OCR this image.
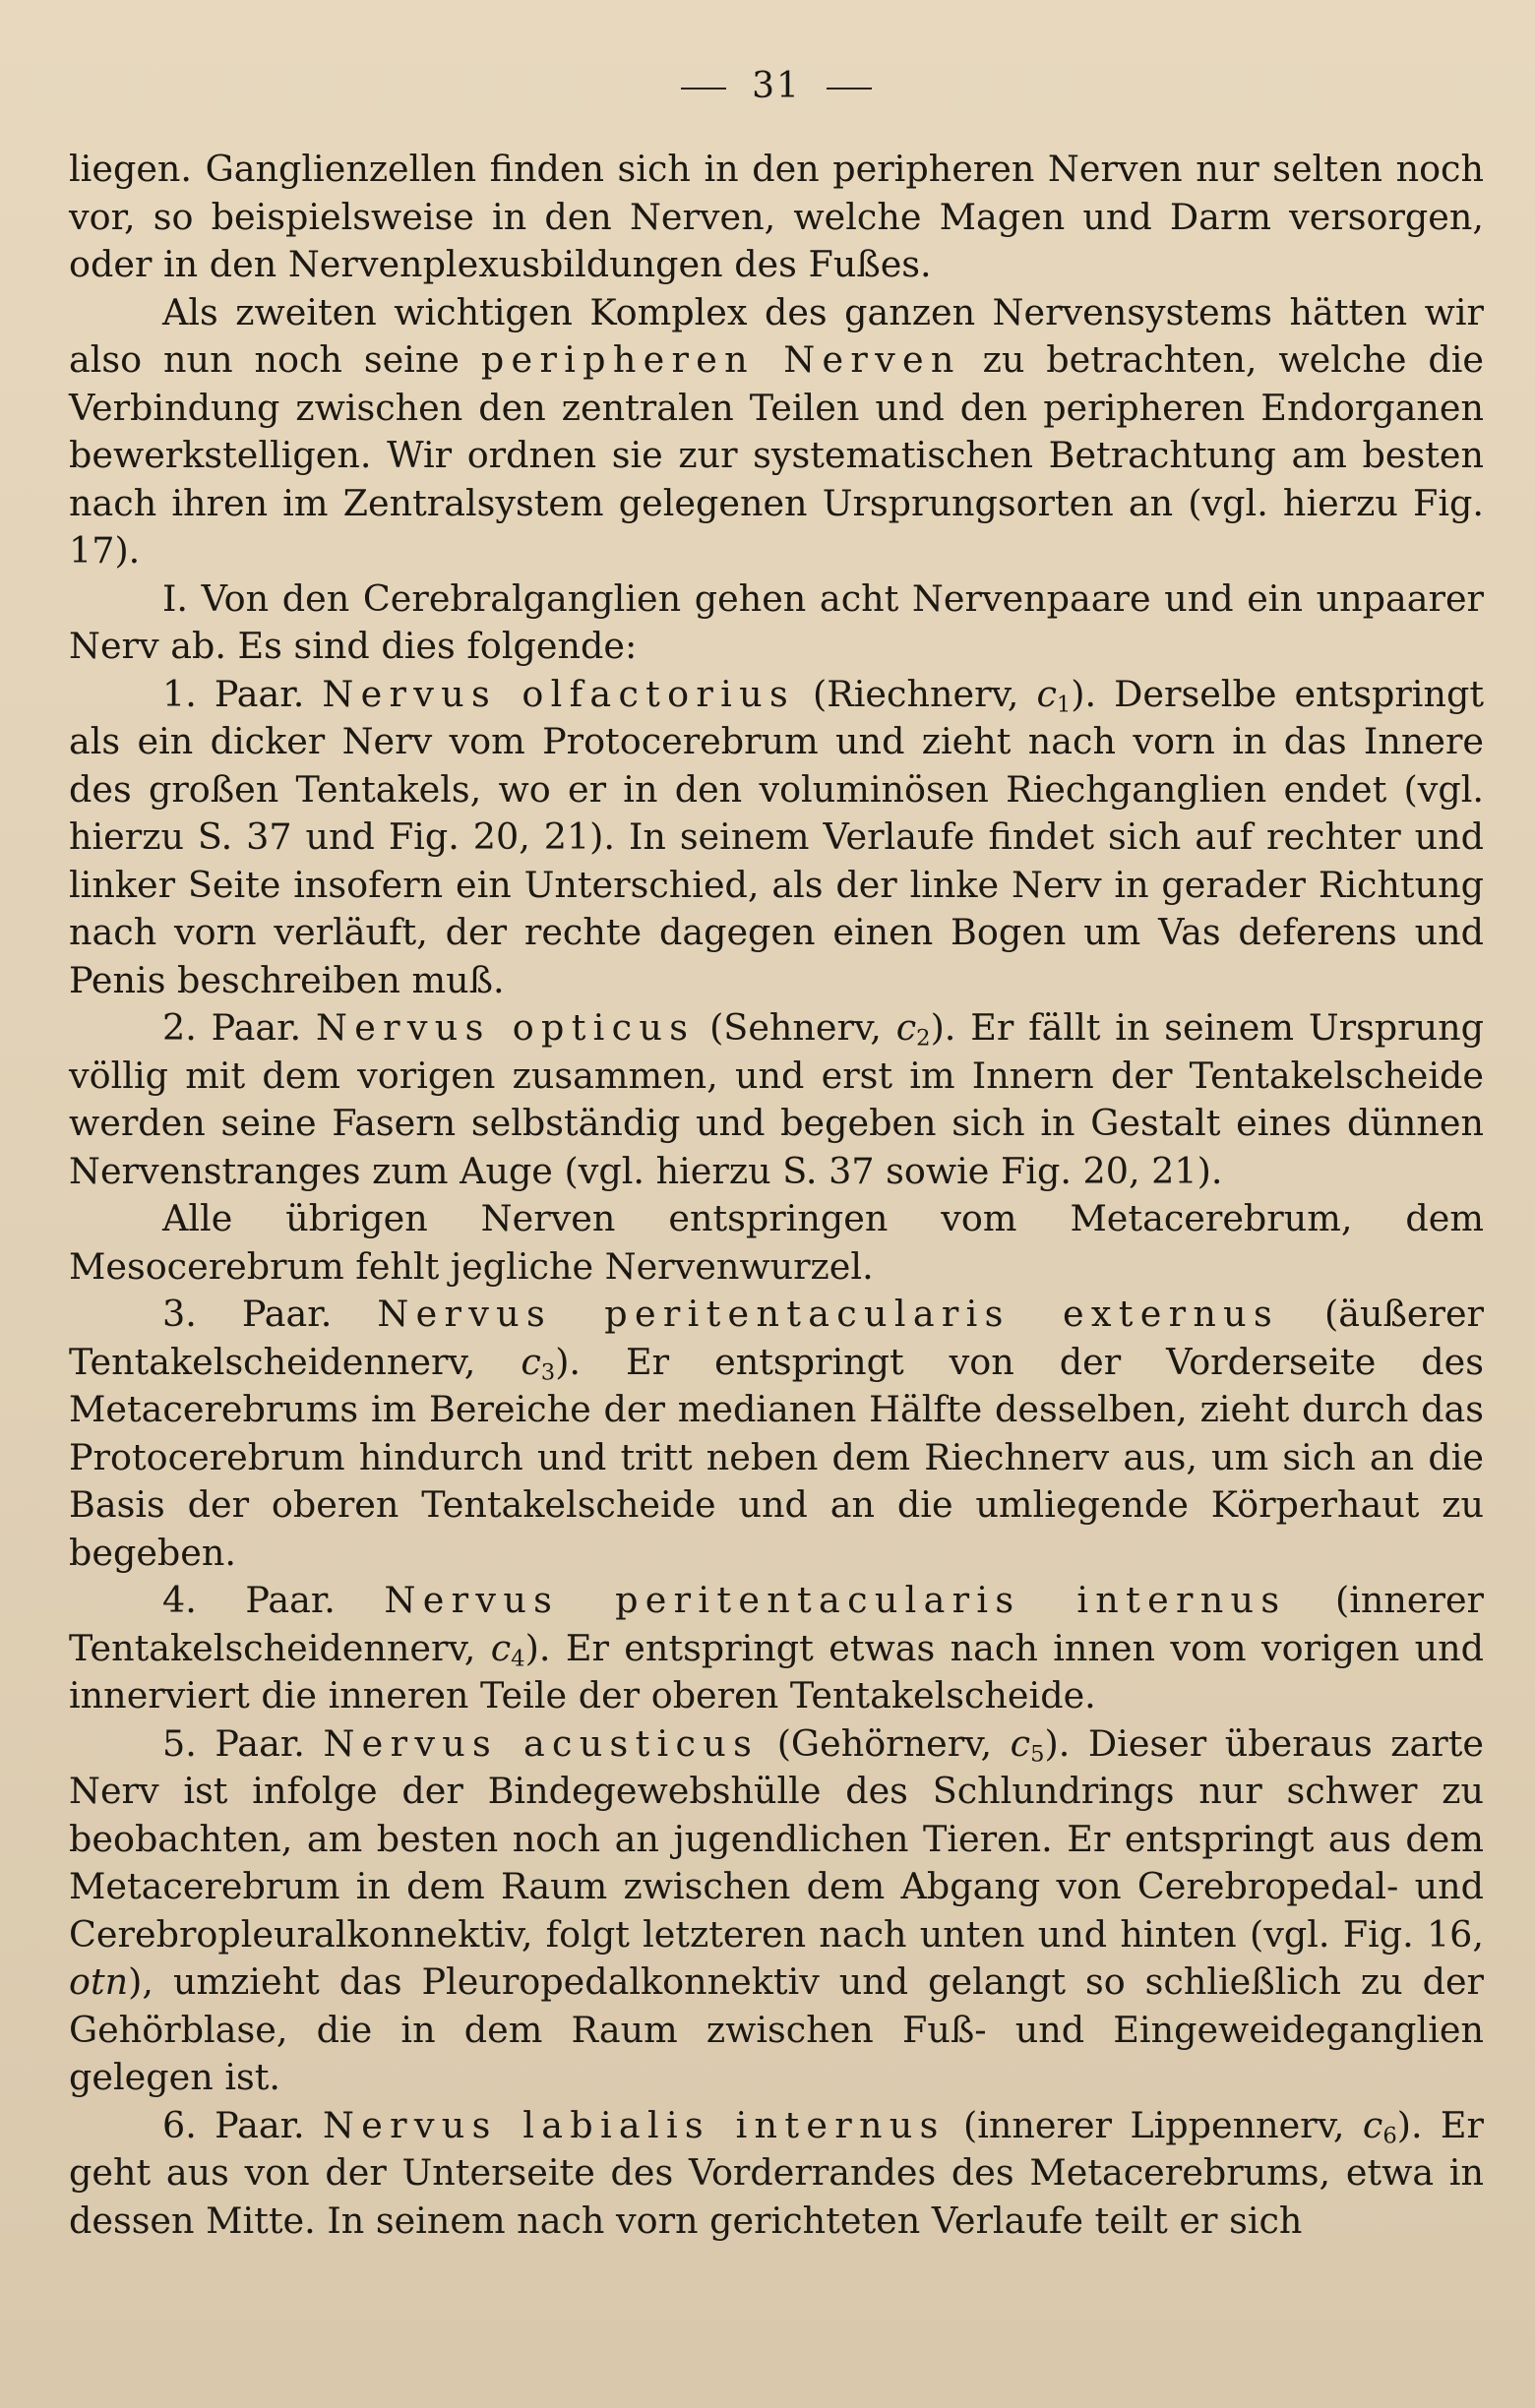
31

liegen. Ganglienzellen finden sich in den peripheren Nerven nur selten noch vor, so beispielsweise in den Nerven, welche Magen und Darm versorgen, oder in den Nervenplexusbildungen des Fußes.

Als zweiten wichtigen Komplex des ganzen Nervensystems hätten wir also nun noch seine peripheren Nerven zu betrachten, welche die Verbindung zwischen den zentralen Teilen und den peripheren Endorganen bewerkstelligen. Wir ordnen sie zur systematischen Betrachtung am besten nach ihren im Zentralsystem gelegenen Ursprungsorten an (vgl. hierzu Fig. 17).

I. Von den Cerebralganglien gehen acht Nervenpaare und ein unpaarer Nerv ab. Es sind dies folgende:

1. Paar. Nervus olfactorius (Riechnerv, $c_1$). Derselbe entspringt als ein dicker Nerv vom Protocerebrum und zieht nach vorn in das Innere des großen Tentakels, wo er in den voluminösen Riechganglien endet (vgl. hierzu S. 37 und Fig. 20, 21). In seinem Verlaufe findet sich auf rechter und linker Seite insofern ein Unterschied, als der linke Nerv in gerader Richtung nach vorn verläuft, der rechte dagegen einen Bogen um Vas deferens und Penis beschreiben muß.

2. Paar. Nervus opticus (Sehnerv, $c_2$). Er fällt in seinem Ursprung völlig mit dem vorigen zusammen, und erst im Innern der Tentakelscheide werden seine Fasern selbständig und begeben sich in Gestalt eines dünnen Nervenstranges zum Auge (vgl. hierzu S. 37 sowie Fig. 20, 21).

Alle übrigen Nerven entspringen vom Metacerebrum, dem Mesocerebrum fehlt jegliche Nervenwurzel.

3. Paar. Nervus peritentacularis externus (äußerer Tentakelscheidennerv, $c_3$). Er entspringt von der Vorderseite des Metacerebrums im Bereiche der medianen Hälfte desselben, zieht durch das Protocerebrum hindurch und tritt neben dem Riechnerv aus, um sich an die Basis der oberen Tentakelscheide und an die umliegende Körperhaut zu begeben.

4. Paar. Nervus peritentacularis internus (innerer Tentakelscheidennerv, $c_4$). Er entspringt etwas nach innen vom vorigen und innerviert die inneren Teile der oberen Tentakelscheide.

5. Paar. Nervus acusticus (Gehörnerv, $c_5$). Dieser überaus zarte Nerv ist infolge der Bindegewebshülle des Schlundrings nur schwer zu beobachten, am besten noch an jugendlichen Tieren. Er entspringt aus dem Metacerebrum in dem Raum zwischen dem Abgang von Cerebropedal- und Cerebropleuralkonnektiv, folgt letzteren nach unten und hinten (vgl. Fig. 16, otn), umzieht das Pleuropedalkonnektiv und gelangt so schließlich zu der Gehörblase, die in dem Raum zwischen Fuß- und Eingeweideganglien gelegen ist.

6. Paar. Nervus labialis internus (innerer Lippennerv, $c_6$). Er geht aus von der Unterseite des Vorderrandes des Metacerebrums, etwa in dessen Mitte. In seinem nach vorn gerichteten Verlaufe teilt er sich
